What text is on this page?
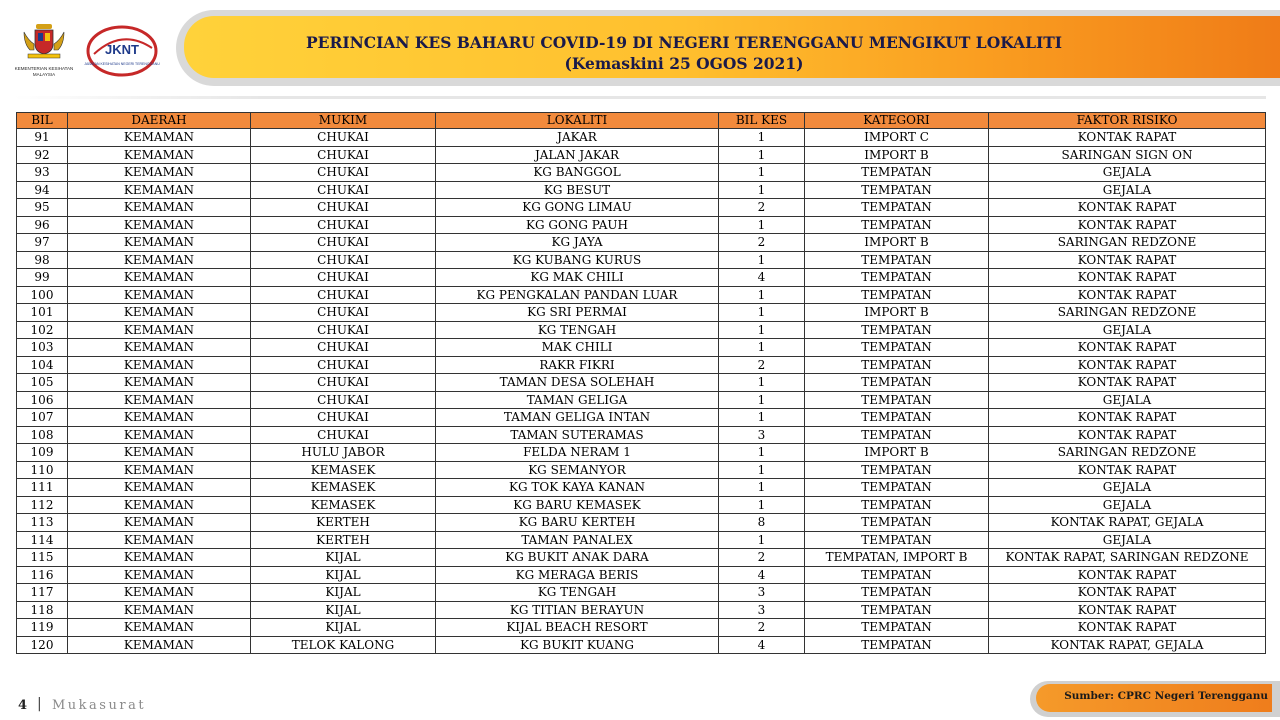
KEMENTERIAN KESIHATAN MALAYSIA
JKNT
JABATAN KESIHATAN NEGERI TERENGGANU
PERINCIAN KES BAHARU COVID-19 DI NEGERI TERENGGANU MENGIKUT LOKALITI
(Kemaskini 25 OGOS 2021)
BIL	DAERAH	MUKIM	LOKALITI	BIL KES	KATEGORI	FAKTOR RISIKO
91	KEMAMAN	CHUKAI	JAKAR	1	IMPORT C	KONTAK RAPAT
92	KEMAMAN	CHUKAI	JALAN JAKAR	1	IMPORT B	SARINGAN SIGN ON
93	KEMAMAN	CHUKAI	KG BANGGOL	1	TEMPATAN	GEJALA
94	KEMAMAN	CHUKAI	KG BESUT	1	TEMPATAN	GEJALA
95	KEMAMAN	CHUKAI	KG GONG LIMAU	2	TEMPATAN	KONTAK RAPAT
96	KEMAMAN	CHUKAI	KG GONG PAUH	1	TEMPATAN	KONTAK RAPAT
97	KEMAMAN	CHUKAI	KG JAYA	2	IMPORT B	SARINGAN REDZONE
98	KEMAMAN	CHUKAI	KG KUBANG KURUS	1	TEMPATAN	KONTAK RAPAT
99	KEMAMAN	CHUKAI	KG MAK CHILI	4	TEMPATAN	KONTAK RAPAT
100	KEMAMAN	CHUKAI	KG PENGKALAN PANDAN LUAR	1	TEMPATAN	KONTAK RAPAT
101	KEMAMAN	CHUKAI	KG SRI PERMAI	1	IMPORT B	SARINGAN REDZONE
102	KEMAMAN	CHUKAI	KG TENGAH	1	TEMPATAN	GEJALA
103	KEMAMAN	CHUKAI	MAK CHILI	1	TEMPATAN	KONTAK RAPAT
104	KEMAMAN	CHUKAI	RAKR FIKRI	2	TEMPATAN	KONTAK RAPAT
105	KEMAMAN	CHUKAI	TAMAN DESA SOLEHAH	1	TEMPATAN	KONTAK RAPAT
106	KEMAMAN	CHUKAI	TAMAN GELIGA	1	TEMPATAN	GEJALA
107	KEMAMAN	CHUKAI	TAMAN GELIGA INTAN	1	TEMPATAN	KONTAK RAPAT
108	KEMAMAN	CHUKAI	TAMAN SUTERAMAS	3	TEMPATAN	KONTAK RAPAT
109	KEMAMAN	HULU JABOR	FELDA NERAM 1	1	IMPORT B	SARINGAN REDZONE
110	KEMAMAN	KEMASEK	KG SEMANYOR	1	TEMPATAN	KONTAK RAPAT
111	KEMAMAN	KEMASEK	KG TOK KAYA KANAN	1	TEMPATAN	GEJALA
112	KEMAMAN	KEMASEK	KG BARU KEMASEK	1	TEMPATAN	GEJALA
113	KEMAMAN	KERTEH	KG BARU KERTEH	8	TEMPATAN	KONTAK RAPAT, GEJALA
114	KEMAMAN	KERTEH	TAMAN PANALEX	1	TEMPATAN	GEJALA
115	KEMAMAN	KIJAL	KG BUKIT ANAK DARA	2	TEMPATAN, IMPORT B	KONTAK RAPAT, SARINGAN REDZONE
116	KEMAMAN	KIJAL	KG MERAGA BERIS	4	TEMPATAN	KONTAK RAPAT
117	KEMAMAN	KIJAL	KG TENGAH	3	TEMPATAN	KONTAK RAPAT
118	KEMAMAN	KIJAL	KG TITIAN BERAYUN	3	TEMPATAN	KONTAK RAPAT
119	KEMAMAN	KIJAL	KIJAL BEACH RESORT	2	TEMPATAN	KONTAK RAPAT
120	KEMAMAN	TELOK KALONG	KG BUKIT KUANG	4	TEMPATAN	KONTAK RAPAT, GEJALA
4 | Mukasurat
Sumber: CPRC Negeri Terengganu
